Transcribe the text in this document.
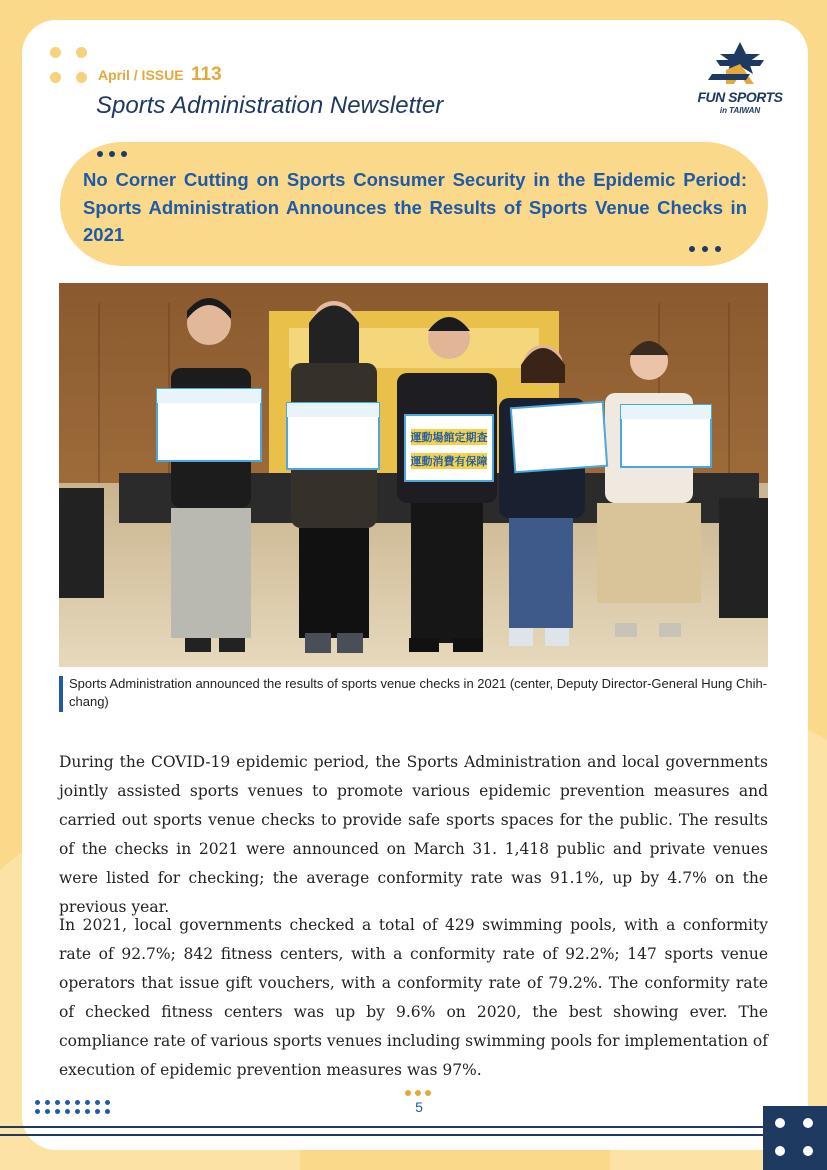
April / ISSUE 113
Sports Administration Newsletter	FUN SPORTS
in TAIWAN
No Corner Cutting on Sports Consumer Security in the Epidemic Period: Sports Administration Announces the Results of Sports Venue Checks in 2021
運動場館定期查
運動消費有保障
Sports Administration announced the results of sports venue checks in 2021 (center, Deputy Director-General Hung Chih-chang)

During the COVID-19 epidemic period, the Sports Administration and local governments jointly assisted sports venues to promote various epidemic prevention measures and carried out sports venue checks to provide safe sports spaces for the public. The results of the checks in 2021 were announced on March 31. 1,418 public and private venues were listed for checking; the average conformity rate was 91.1%, up by 4.7% on the previous year.

In 2021, local governments checked a total of 429 swimming pools, with a conformity rate of 92.7%; 842 fitness centers, with a conformity rate of 92.2%; 147 sports venue operators that issue gift vouchers, with a conformity rate of 79.2%. The conformity rate of checked fitness centers was up by 9.6% on 2020, the best showing ever. The compliance rate of various sports venues including swimming pools for implementation of execution of epidemic prevention measures was 97%.

5
